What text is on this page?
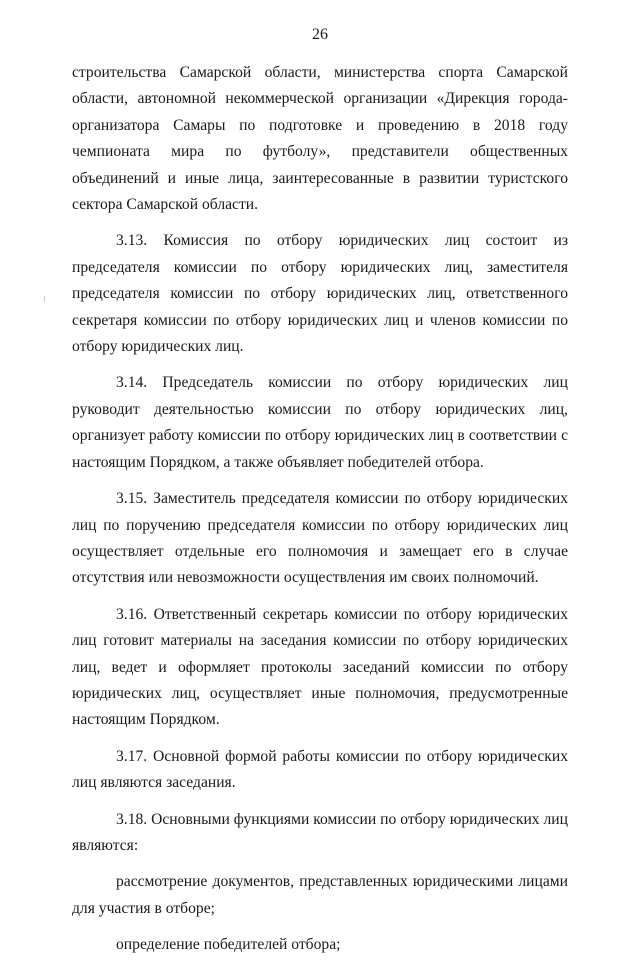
26

строительства Самарской области, министерства спорта Самарской области, автономной некоммерческой организации «Дирекция города-организатора Самары по подготовке и проведению в 2018 году чемпионата мира по футболу», представители общественных объединений и иные лица, заинтересованные в развитии туристского сектора Самарской области.

3.13. Комиссия по отбору юридических лиц состоит из председателя комиссии по отбору юридических лиц, заместителя председателя комиссии по отбору юридических лиц, ответственного секретаря комиссии по отбору юридических лиц и членов комиссии по отбору юридических лиц.

3.14. Председатель комиссии по отбору юридических лиц руководит деятельностью комиссии по отбору юридических лиц, организует работу комиссии по отбору юридических лиц в соответствии с настоящим Порядком, а также объявляет победителей отбора.

3.15. Заместитель председателя комиссии по отбору юридических лиц по поручению председателя комиссии по отбору юридических лиц осуществляет отдельные его полномочия и замещает его в случае отсутствия или невозможности осуществления им своих полномочий.

3.16. Ответственный секретарь комиссии по отбору юридических лиц готовит материалы на заседания комиссии по отбору юридических лиц, ведет и оформляет протоколы заседаний комиссии по отбору юридических лиц, осуществляет иные полномочия, предусмотренные настоящим Порядком.

3.17. Основной формой работы комиссии по отбору юридических лиц являются заседания.

3.18. Основными функциями комиссии по отбору юридических лиц являются:

рассмотрение документов, представленных юридическими лицами для участия в отборе;

определение победителей отбора;
